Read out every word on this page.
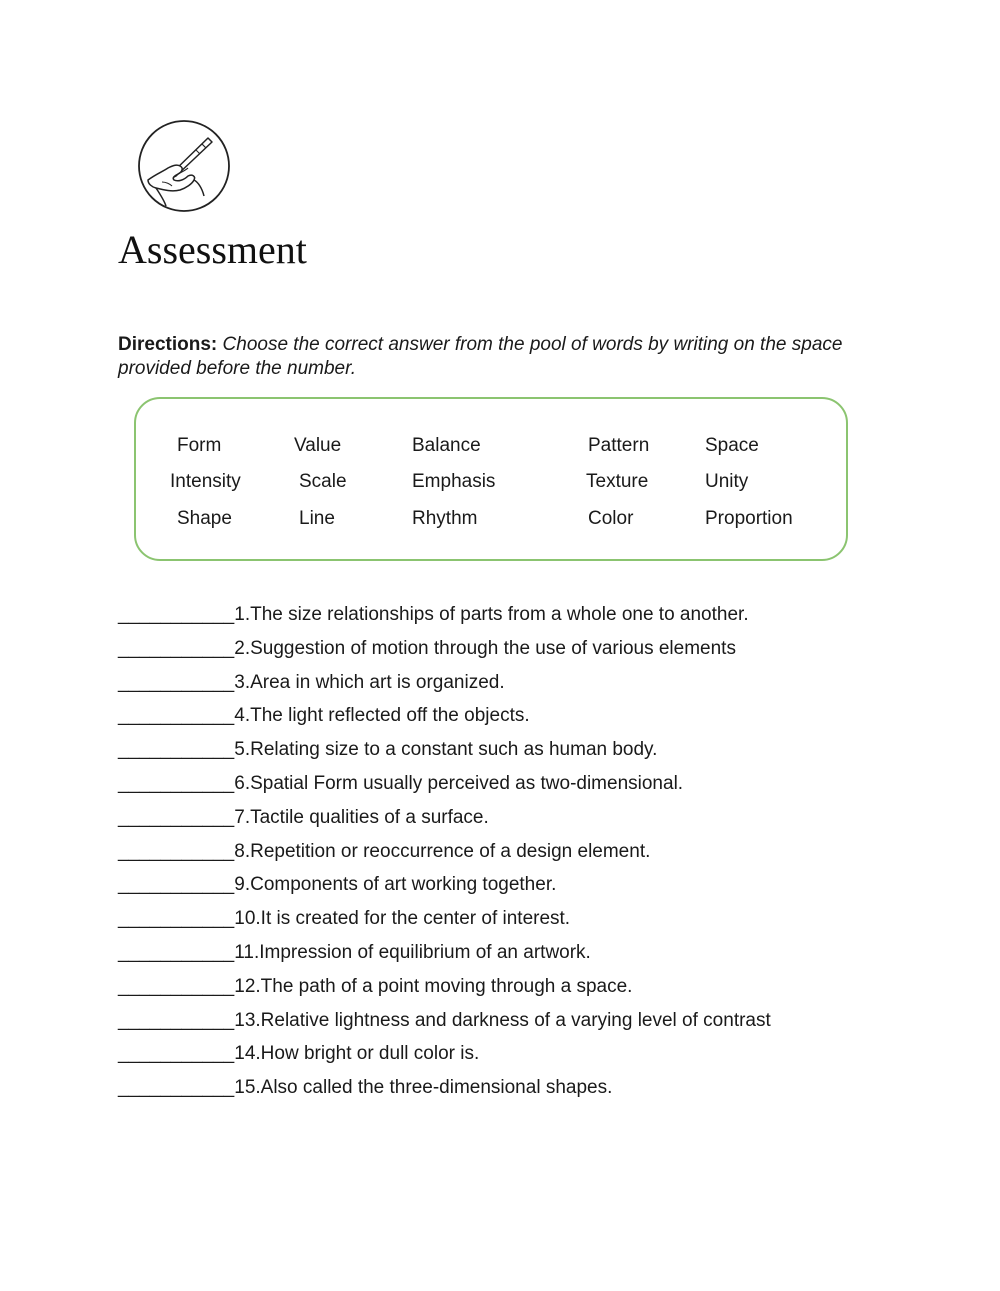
Assessment
Directions: Choose the correct answer from the pool of words by writing on the space provided before the number.
Form	Value	Balance	Pattern	Space
Intensity	Scale	Emphasis	Texture	Unity
Shape	Line	Rhythm	Color	Proportion
___________1.The size relationships of parts from a whole one to another.
___________2.Suggestion of motion through the use of various elements
___________3.Area in which art is organized.
___________4.The light reflected off the objects.
___________5.Relating size to a constant such as human body.
___________6.Spatial Form usually perceived as two-dimensional.
___________7.Tactile qualities of a surface.
___________8.Repetition or reoccurrence of a design element.
___________9.Components of art working together.
___________10.It is created for the center of interest.
___________11.Impression of equilibrium of an artwork.
___________12.The path of a point moving through a space.
___________13.Relative lightness and darkness of a varying level of contrast
___________14.How bright or dull color is.
___________15.Also called the three-dimensional shapes.
